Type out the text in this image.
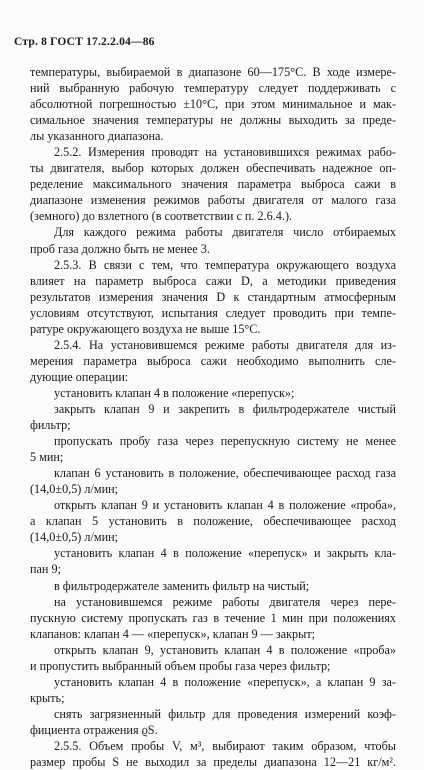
Стр. 8 ГОСТ 17.2.2.04—86
температуры, выбираемой в диапазоне 60—175°С. В ходе измере-
ний выбранную рабочую температуру следует поддерживать с
абсолютной погрешностью ±10°С, при этом минимальное и мак-
симальное значения температуры не должны выходить за преде-
лы указанного диапазона.
2.5.2. Измерения проводят на установившихся режимах рабо-
ты двигателя, выбор которых должен обеспечивать надежное оп-
ределение максимального значения параметра выброса сажи в
диапазоне изменения режимов работы двигателя от малого газа
(земного) до взлетного (в соответствии с п. 2.6.4.).
Для каждого режима работы двигателя число отбираемых
проб газа должно быть не менее 3.
2.5.3. В связи с тем, что температура окружающего воздуха
влияет на параметр выброса сажи D, а методики приведения
результатов измерения значения D к стандартным атмосферным
условиям отсутствуют, испытания следует проводить при темпе-
ратуре окружающего воздуха не выше 15°С.
2.5.4. На установившемся режиме работы двигателя для из-
мерения параметра выброса сажи необходимо выполнить сле-
дующие операции:
установить клапан 4 в положение «перепуск»;
закрыть клапан 9 и закрепить в фильтродержателе чистый
фильтр;
пропускать пробу газа через перепускную систему не менее
5 мин;
клапан 6 установить в положение, обеспечивающее расход газа
(14,0±0,5) л/мин;
открыть клапан 9 и установить клапан 4 в положение «проба»,
а клапан 5 установить в положение, обеспечивающее расход
(14,0±0,5) л/мин;
установить клапан 4 в положение «перепуск» и закрыть кла-
пан 9;
в фильтродержателе заменить фильтр на чистый;
на установившемся режиме работы двигателя через пере-
пускную систему пропускать газ в течение 1 мин при положениях
клапанов: клапан 4 — «перепуск», клапан 9 — закрыт;
открыть клапан 9, установить клапан 4 в положение «проба»
и пропустить выбранный объем пробы газа через фильтр;
установить клапан 4 в положение «перепуск», а клапан 9 за-
крыть;
снять загрязненный фильтр для проведения измерений коэф-
фициента отражения ϱS.
2.5.5. Объем пробы V, м³, выбирают таким образом, чтобы
размер пробы S не выходил за пределы диапазона 12—21 кг/м².
